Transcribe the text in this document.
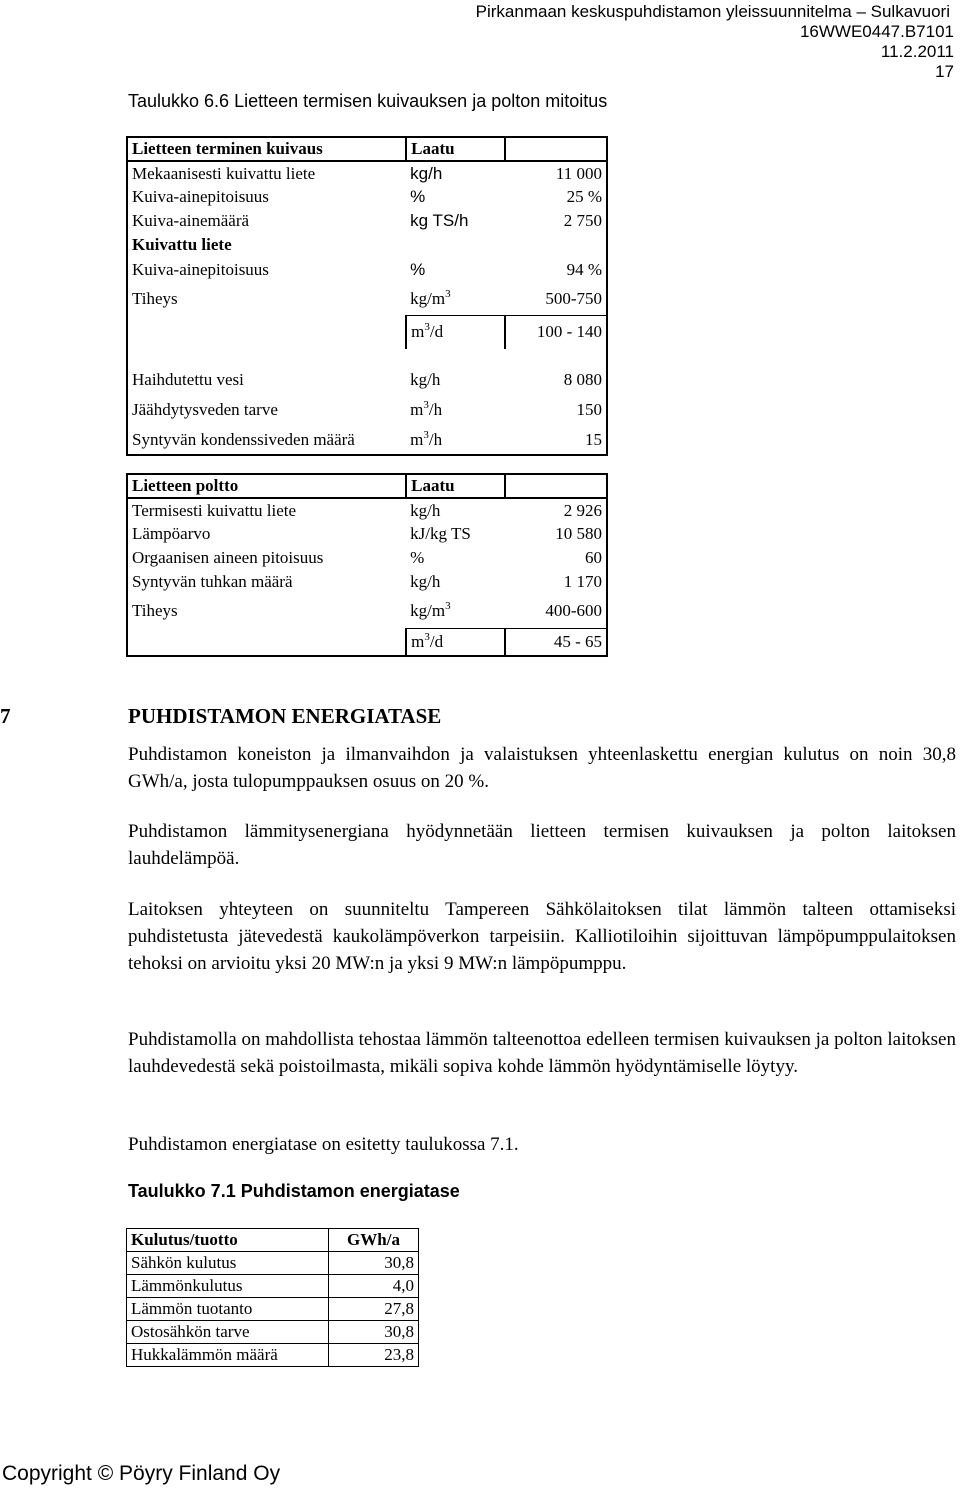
Pirkanmaan keskuspuhdistamon yleissuunnitelma – Sulkavuori
16WWE0447.B7101
11.2.2011
17
Taulukko 6.6 Lietteen termisen kuivauksen ja polton mitoitus
Lietteen terminen kuivaus	Laatu	
Mekaanisesti kuivattu liete	kg/h	11 000
Kuiva-ainepitoisuus	%	25 %
Kuiva-ainemäärä	kg TS/h	2 750
Kuivattu liete		
Kuiva-ainepitoisuus	%	94 %
Tiheys	$kg/m^3$	500-750
	$m^3/d$	100 - 140

Haihdutettu vesi	kg/h	8 080
Jäähdytysveden tarve	$m^3/h$	150
Syntyvän kondenssiveden määrä	$m^3/h$	15
Lietteen poltto	Laatu	
Termisesti kuivattu liete	kg/h	2 926
Lämpöarvo	kJ/kg TS	10 580
Orgaanisen aineen pitoisuus	%	60
Syntyvän tuhkan määrä	kg/h	1 170
Tiheys	$kg/m^3$	400-600
	$m^3/d$	45 - 65
7	PUHDISTAMON ENERGIATASE

Puhdistamon koneiston ja ilmanvaihdon ja valaistuksen yhteenlaskettu energian kulutus on noin 30,8 GWh/a, josta tulopumppauksen osuus on 20 %.

Puhdistamon lämmitysenergiana hyödynnetään lietteen termisen kuivauksen ja polton laitoksen lauhdelämpöä.

Laitoksen yhteyteen on suunniteltu Tampereen Sähkölaitoksen tilat lämmön talteen ottamiseksi puhdistetusta jätevedestä kaukolämpöverkon tarpeisiin. Kalliotiloihin sijoittuvan lämpöpumppulaitoksen tehoksi on arvioitu yksi 20 MW:n ja yksi 9 MW:n lämpöpumppu.

Puhdistamolla on mahdollista tehostaa lämmön talteenottoa edelleen termisen kuivauksen ja polton laitoksen lauhdevedestä sekä poistoilmasta, mikäli sopiva kohde lämmön hyödyntämiselle löytyy.

Puhdistamon energiatase on esitetty taulukossa 7.1.

Taulukko 7.1 Puhdistamon energiatase
Kulutus/tuotto	GWh/a
Sähkön kulutus	30,8
Lämmönkulutus	4,0
Lämmön tuotanto	27,8
Ostosähkön tarve	30,8
Hukkalämmön määrä	23,8
Copyright © Pöyry Finland Oy
